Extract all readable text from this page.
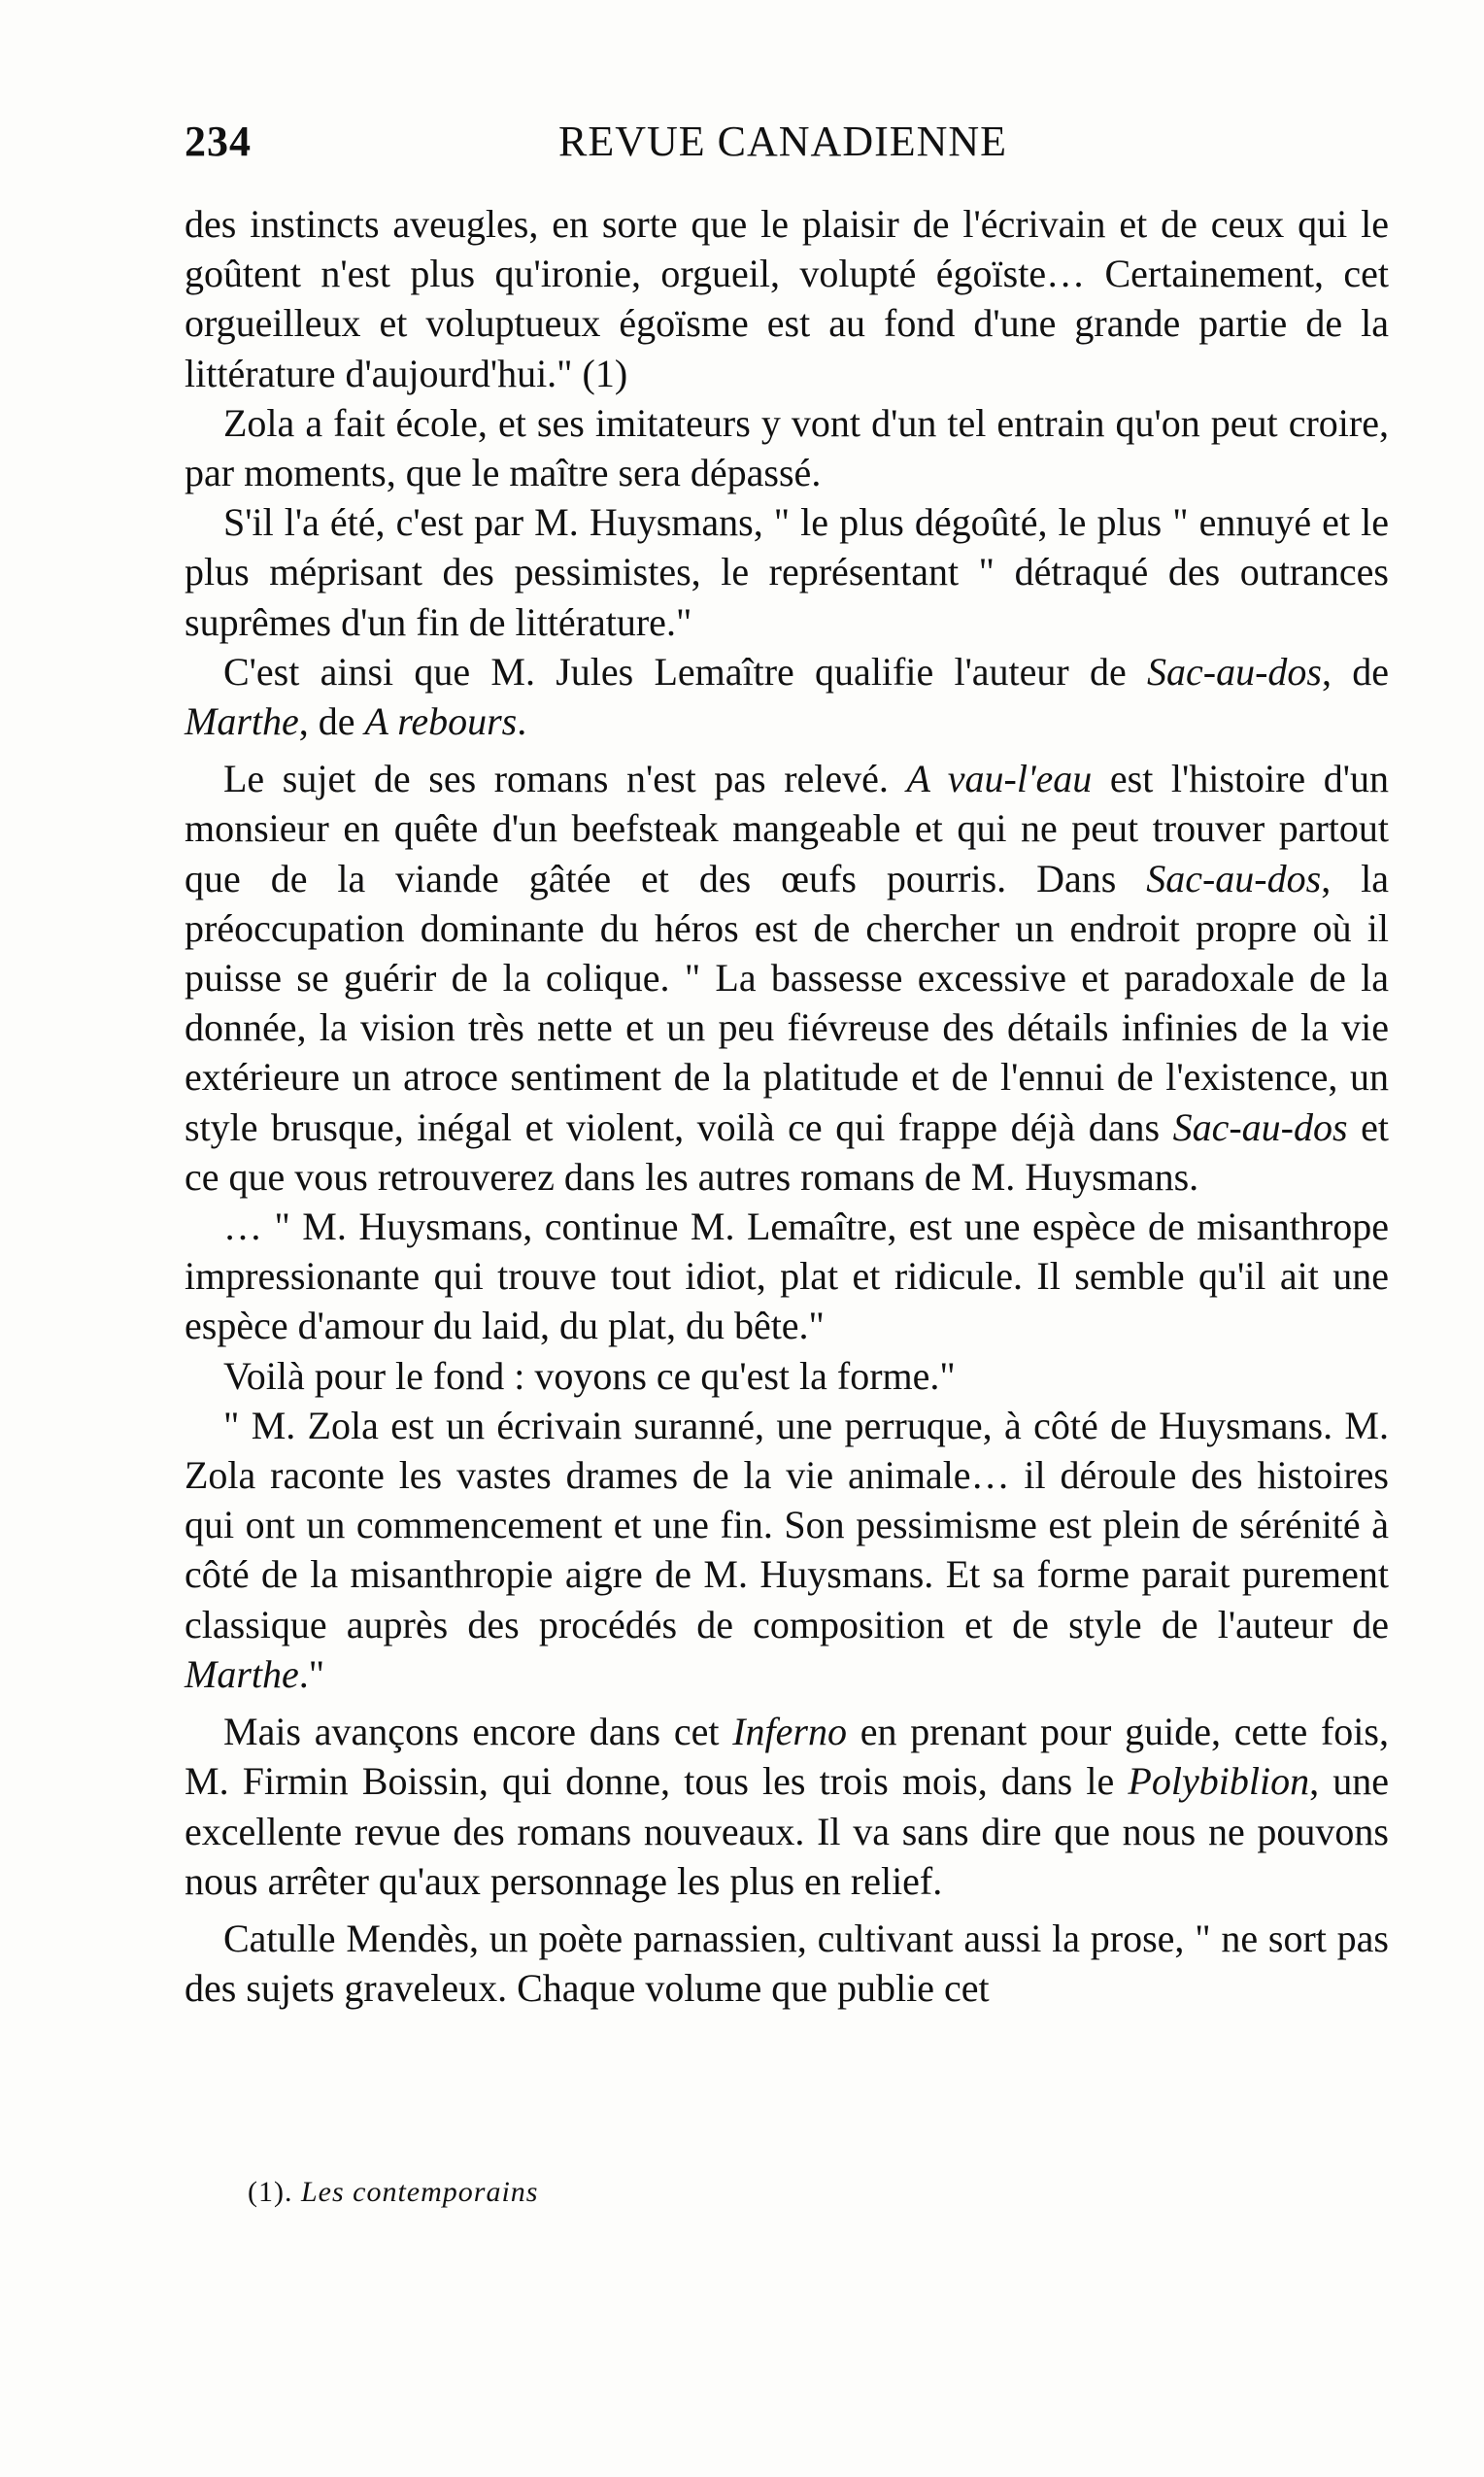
234	REVUE CANADIENNE

des instincts aveugles, en sorte que le plaisir de l'écrivain et de ceux qui le goûtent n'est plus qu'ironie, orgueil, volupté égoïste… Certainement, cet orgueilleux et voluptueux égoïsme est au fond d'une grande partie de la littérature d'aujourd'hui." (1)

Zola a fait école, et ses imitateurs y vont d'un tel entrain qu'on peut croire, par moments, que le maître sera dépassé.

S'il l'a été, c'est par M. Huysmans, " le plus dégoûté, le plus " ennuyé et le plus méprisant des pessimistes, le représentant " détraqué des outrances suprêmes d'un fin de littérature."

C'est ainsi que M. Jules Lemaître qualifie l'auteur de Sac-au-dos, de Marthe, de A rebours.

Le sujet de ses romans n'est pas relevé. A vau-l'eau est l'histoire d'un monsieur en quête d'un beefsteak mangeable et qui ne peut trouver partout que de la viande gâtée et des œufs pourris. Dans Sac-au-dos, la préoccupation dominante du héros est de chercher un endroit propre où il puisse se guérir de la colique. " La bassesse excessive et paradoxale de la donnée, la vision très nette et un peu fiévreuse des détails infinies de la vie extérieure un atroce sentiment de la platitude et de l'ennui de l'existence, un style brusque, inégal et violent, voilà ce qui frappe déjà dans Sac-au-dos et ce que vous retrouverez dans les autres romans de M. Huysmans.

… " M. Huysmans, continue M. Lemaître, est une espèce de misanthrope impressionante qui trouve tout idiot, plat et ridicule. Il semble qu'il ait une espèce d'amour du laid, du plat, du bête."

Voilà pour le fond : voyons ce qu'est la forme."

" M. Zola est un écrivain suranné, une perruque, à côté de Huysmans. M. Zola raconte les vastes drames de la vie animale… il déroule des histoires qui ont un commencement et une fin. Son pessimisme est plein de sérénité à côté de la misanthropie aigre de M. Huysmans. Et sa forme parait purement classique auprès des procédés de composition et de style de l'auteur de Marthe."

Mais avançons encore dans cet Inferno en prenant pour guide, cette fois, M. Firmin Boissin, qui donne, tous les trois mois, dans le Polybiblion, une excellente revue des romans nouveaux. Il va sans dire que nous ne pouvons nous arrêter qu'aux personnage les plus en relief.

Catulle Mendès, un poète parnassien, cultivant aussi la prose, " ne sort pas des sujets graveleux. Chaque volume que publie cet

(1). Les contemporains
